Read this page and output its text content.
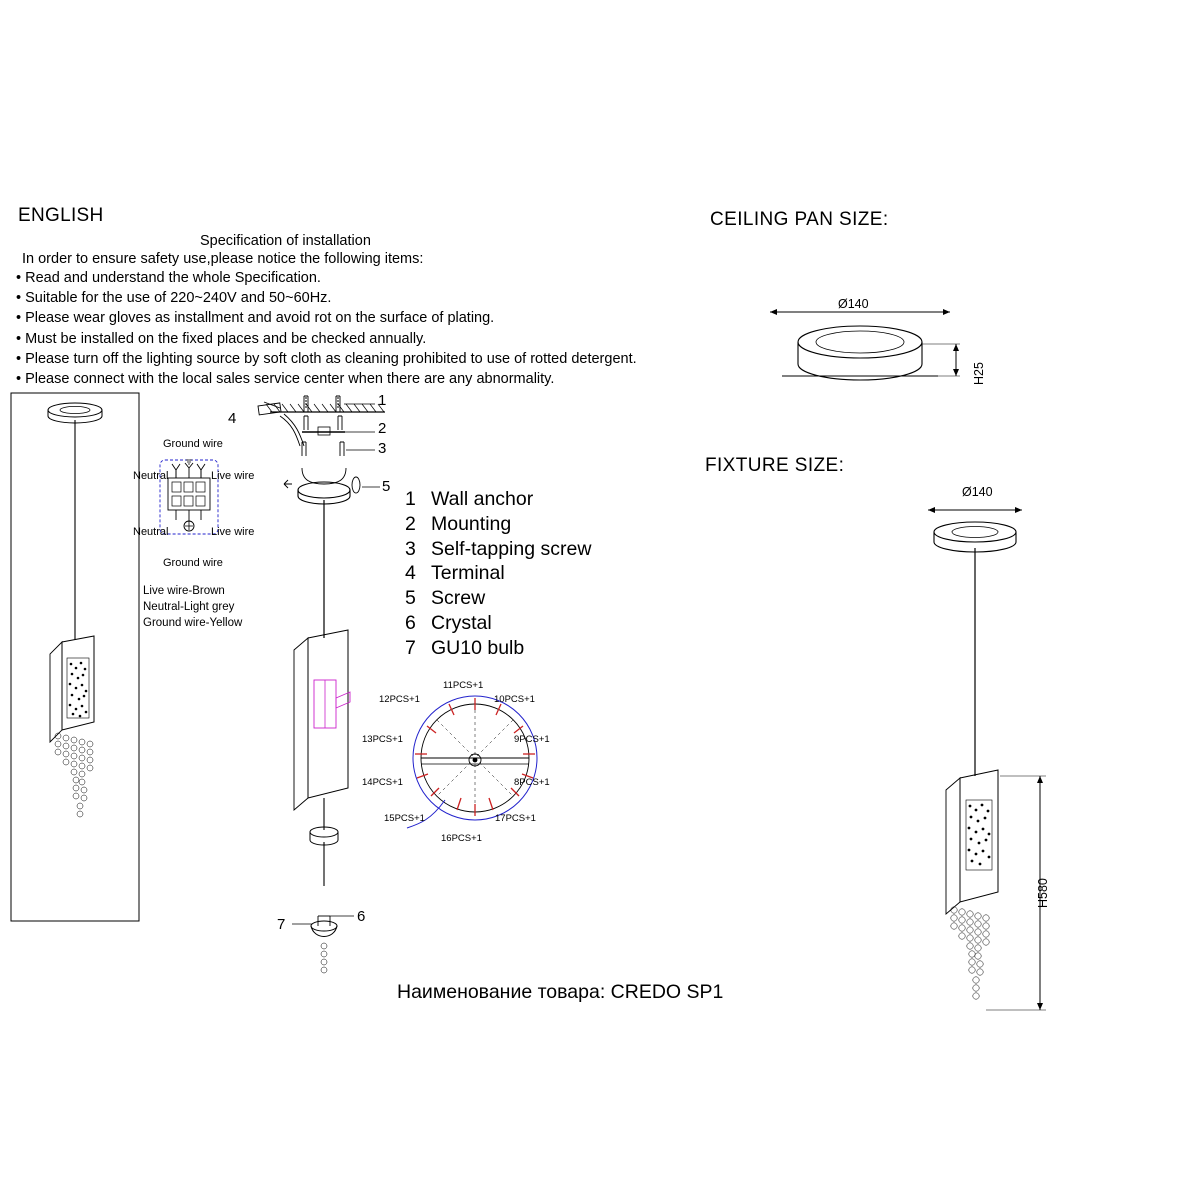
ENGLISH
Specification of installation
In order to ensure safety use,please notice the following items:
• Read and understand the whole Specification.
• Suitable for the use of 220~240V and 50~60Hz.
• Please wear gloves as installment and avoid rot on the surface of plating.
• Must be installed on the fixed places and be checked annually.
• Please turn off the lighting source by soft cloth as cleaning prohibited to use of rotted detergent.
• Please connect with the local sales service center when there are any abnormality.
CEILING PAN SIZE:
FIXTURE SIZE:
1 Wall anchor
2 Mounting
3 Self-tapping screw
4 Terminal
5 Screw
6 Crystal
7 GU10 bulb
Ground wire
Neutral	Live wire
Neutral	Live wire
Ground wire
Live wire-Brown
Neutral-Light grey
Ground wire-Yellow
1
2
3
4
5
7	6
11PCS+1
12PCS+1	10PCS+1
13PCS+1	9PCS+1
14PCS+1	8PCS+1
15PCS+1	17PCS+1
16PCS+1
Ø140
H25
Ø140
H580
Наименование товара: CREDO SP1
